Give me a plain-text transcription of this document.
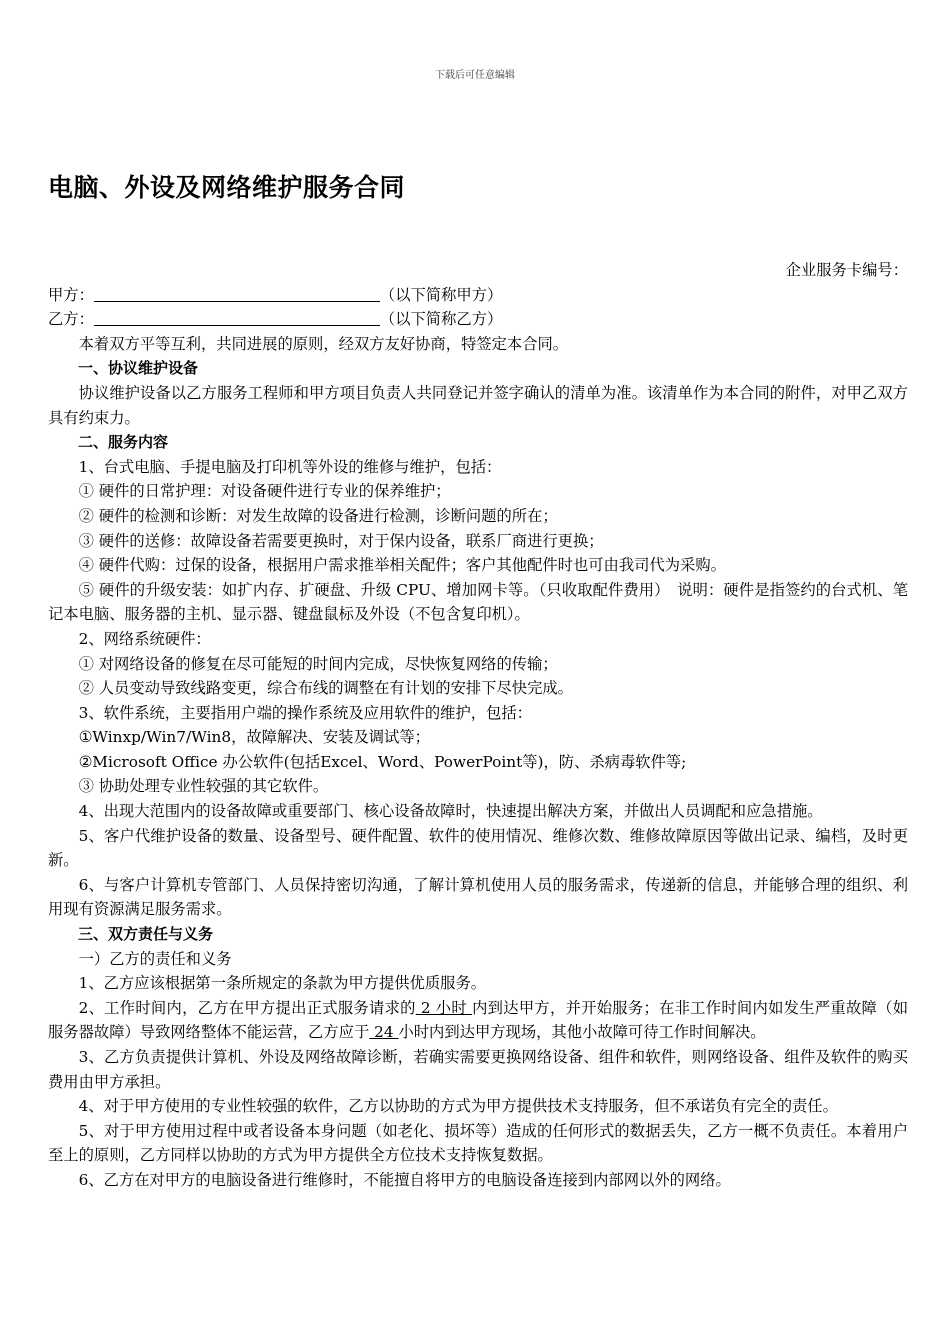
下载后可任意编辑
电脑、外设及网络维护服务合同
企业服务卡编号：
甲方：	（以下简称甲方）
乙方：	（以下简称乙方）
本着双方平等互利，共同进展的原则，经双方友好协商，特签定本合同。
一、协议维护设备
协议维护设备以乙方服务工程师和甲方项目负责人共同登记并签字确认的清单为准。该清单作为本合同的附件，对甲乙双方具有约束力。
二、服务内容
1、台式电脑、手提电脑及打印机等外设的维修与维护，包括：
① 硬件的日常护理：对设备硬件进行专业的保养维护；
② 硬件的检测和诊断：对发生故障的设备进行检测，诊断问题的所在；
③ 硬件的送修：故障设备若需要更换时，对于保内设备，联系厂商进行更换；
④ 硬件代购：过保的设备，根据用户需求推举相关配件；客户其他配件时也可由我司代为采购。
⑤ 硬件的升级安装：如扩内存、扩硬盘、升级 CPU、增加网卡等。（只收取配件费用）　说明：硬件是指签约的台式机、笔记本电脑、服务器的主机、显示器、键盘鼠标及外设（不包含复印机）。
2、网络系统硬件：
① 对网络设备的修复在尽可能短的时间内完成，尽快恢复网络的传输；
② 人员变动导致线路变更，综合布线的调整在有计划的安排下尽快完成。
3、软件系统，主要指用户端的操作系统及应用软件的维护，包括：
①Winxp/Win7/Win8，故障解决、安装及调试等；
②Microsoft Office 办公软件(包括Excel、Word、PowerPoint等)，防、杀病毒软件等;
③ 协助处理专业性较强的其它软件。
4、出现大范围内的设备故障或重要部门、核心设备故障时，快速提出解决方案，并做出人员调配和应急措施。
5、客户代维护设备的数量、设备型号、硬件配置、软件的使用情况、维修次数、维修故障原因等做出记录、编档，及时更新。
6、与客户计算机专管部门、人员保持密切沟通，了解计算机使用人员的服务需求，传递新的信息，并能够合理的组织、利用现有资源满足服务需求。
三、双方责任与义务
一）乙方的责任和义务
1、乙方应该根据第一条所规定的条款为甲方提供优质服务。
2、工作时间内，乙方在甲方提出正式服务请求的 2 小时 内到达甲方，并开始服务；在非工作时间内如发生严重故障（如服务器故障）导致网络整体不能运营，乙方应于 24 小时内到达甲方现场，其他小故障可待工作时间解决。
3、乙方负责提供计算机、外设及网络故障诊断，若确实需要更换网络设备、组件和软件，则网络设备、组件及软件的购买费用由甲方承担。
4、对于甲方使用的专业性较强的软件，乙方以协助的方式为甲方提供技术支持服务，但不承诺负有完全的责任。
5、对于甲方使用过程中或者设备本身问题（如老化、损坏等）造成的任何形式的数据丢失，乙方一概不负责任。本着用户至上的原则，乙方同样以协助的方式为甲方提供全方位技术支持恢复数据。
6、乙方在对甲方的电脑设备进行维修时，不能擅自将甲方的电脑设备连接到内部网以外的网络。
